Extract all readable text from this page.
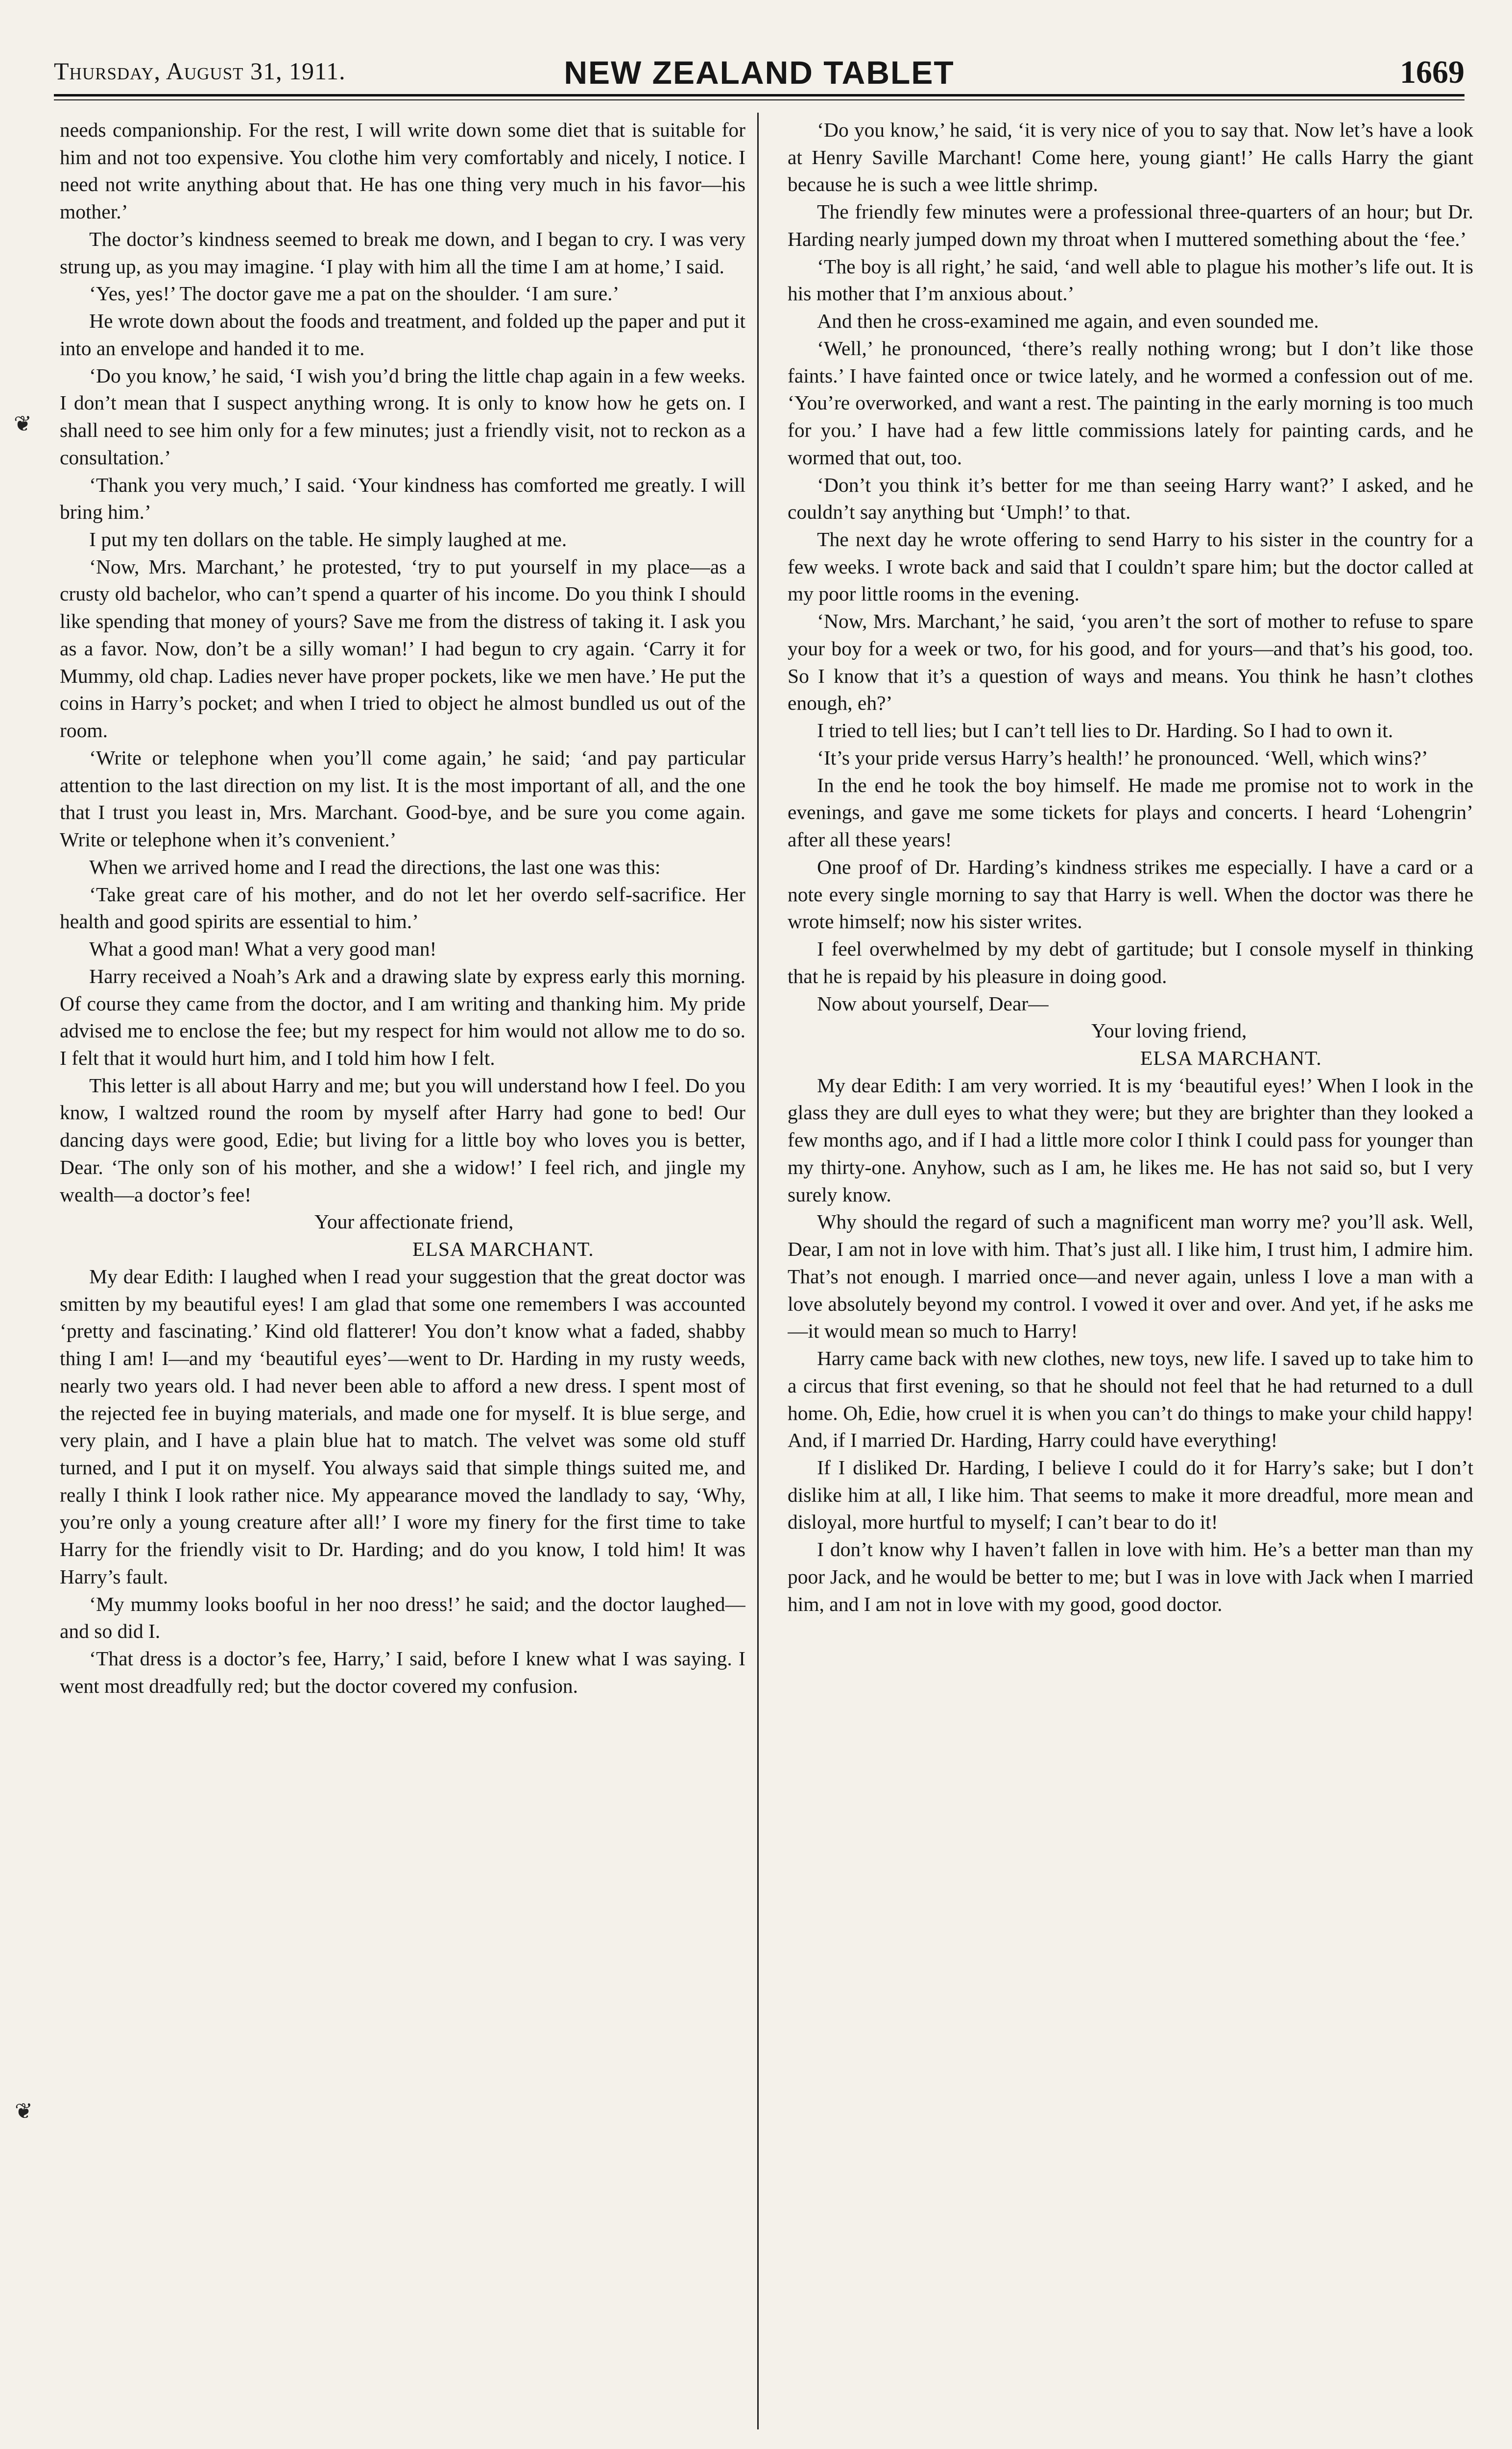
Thursday, August 31, 1911.	NEW ZEALAND TABLET	1669
❦
❦

needs companionship. For the rest, I will write down some diet that is suitable for him and not too expensive. You clothe him very comfortably and nicely, I notice. I need not write anything about that. He has one thing very much in his favor—his mother.’

The doctor’s kindness seemed to break me down, and I began to cry. I was very strung up, as you may imagine. ‘I play with him all the time I am at home,’ I said.

‘Yes, yes!’ The doctor gave me a pat on the shoulder. ‘I am sure.’

He wrote down about the foods and treatment, and folded up the paper and put it into an envelope and handed it to me.

‘Do you know,’ he said, ‘I wish you’d bring the little chap again in a few weeks. I don’t mean that I suspect anything wrong. It is only to know how he gets on. I shall need to see him only for a few minutes; just a friendly visit, not to reckon as a consultation.’

‘Thank you very much,’ I said. ‘Your kindness has comforted me greatly. I will bring him.’

I put my ten dollars on the table. He simply laughed at me.

‘Now, Mrs. Marchant,’ he protested, ‘try to put yourself in my place—as a crusty old bachelor, who can’t spend a quarter of his income. Do you think I should like spending that money of yours? Save me from the distress of taking it. I ask you as a favor. Now, don’t be a silly woman!’ I had begun to cry again. ‘Carry it for Mummy, old chap. Ladies never have proper pockets, like we men have.’ He put the coins in Harry’s pocket; and when I tried to object he almost bundled us out of the room.

‘Write or telephone when you’ll come again,’ he said; ‘and pay particular attention to the last direction on my list. It is the most important of all, and the one that I trust you least in, Mrs. Marchant. Good-bye, and be sure you come again. Write or telephone when it’s convenient.’

When we arrived home and I read the directions, the last one was this:

‘Take great care of his mother, and do not let her overdo self-sacrifice. Her health and good spirits are essential to him.’

What a good man! What a very good man!

Harry received a Noah’s Ark and a drawing slate by express early this morning. Of course they came from the doctor, and I am writing and thanking him. My pride advised me to enclose the fee; but my respect for him would not allow me to do so. I felt that it would hurt him, and I told him how I felt.

This letter is all about Harry and me; but you will understand how I feel. Do you know, I waltzed round the room by myself after Harry had gone to bed! Our dancing days were good, Edie; but living for a little boy who loves you is better, Dear. ‘The only son of his mother, and she a widow!’ I feel rich, and jingle my wealth—a doctor’s fee!

Your affectionate friend,

ELSA MARCHANT.

My dear Edith: I laughed when I read your suggestion that the great doctor was smitten by my beautiful eyes! I am glad that some one remembers I was accounted ‘pretty and fascinating.’ Kind old flatterer! You don’t know what a faded, shabby thing I am! I—and my ‘beautiful eyes’—went to Dr. Harding in my rusty weeds, nearly two years old. I had never been able to afford a new dress. I spent most of the rejected fee in buying materials, and made one for myself. It is blue serge, and very plain, and I have a plain blue hat to match. The velvet was some old stuff turned, and I put it on myself. You always said that simple things suited me, and really I think I look rather nice. My appearance moved the landlady to say, ‘Why, you’re only a young creature after all!’ I wore my finery for the first time to take Harry for the friendly visit to Dr. Harding; and do you know, I told him! It was Harry’s fault.

‘My mummy looks booful in her noo dress!’ he said; and the doctor laughed—and so did I.

‘That dress is a doctor’s fee, Harry,’ I said, before I knew what I was saying. I went most dreadfully red; but the doctor covered my confusion.

‘Do you know,’ he said, ‘it is very nice of you to say that. Now let’s have a look at Henry Saville Marchant! Come here, young giant!’ He calls Harry the giant because he is such a wee little shrimp.

The friendly few minutes were a professional three-quarters of an hour; but Dr. Harding nearly jumped down my throat when I muttered something about the ‘fee.’

‘The boy is all right,’ he said, ‘and well able to plague his mother’s life out. It is his mother that I’m anxious about.’

And then he cross-examined me again, and even sounded me.

‘Well,’ he pronounced, ‘there’s really nothing wrong; but I don’t like those faints.’ I have fainted once or twice lately, and he wormed a confession out of me. ‘You’re overworked, and want a rest. The painting in the early morning is too much for you.’ I have had a few little commissions lately for painting cards, and he wormed that out, too.

‘Don’t you think it’s better for me than seeing Harry want?’ I asked, and he couldn’t say anything but ‘Umph!’ to that.

The next day he wrote offering to send Harry to his sister in the country for a few weeks. I wrote back and said that I couldn’t spare him; but the doctor called at my poor little rooms in the evening.

‘Now, Mrs. Marchant,’ he said, ‘you aren’t the sort of mother to refuse to spare your boy for a week or two, for his good, and for yours—and that’s his good, too. So I know that it’s a question of ways and means. You think he hasn’t clothes enough, eh?’

I tried to tell lies; but I can’t tell lies to Dr. Harding. So I had to own it.

‘It’s your pride versus Harry’s health!’ he pronounced. ‘Well, which wins?’

In the end he took the boy himself. He made me promise not to work in the evenings, and gave me some tickets for plays and concerts. I heard ‘Lohengrin’ after all these years!

One proof of Dr. Harding’s kindness strikes me especially. I have a card or a note every single morning to say that Harry is well. When the doctor was there he wrote himself; now his sister writes.

I feel overwhelmed by my debt of gartitude; but I console myself in thinking that he is repaid by his pleasure in doing good.

Now about yourself, Dear—

Your loving friend,

ELSA MARCHANT.

My dear Edith: I am very worried. It is my ‘beautiful eyes!’ When I look in the glass they are dull eyes to what they were; but they are brighter than they looked a few months ago, and if I had a little more color I think I could pass for younger than my thirty-one. Anyhow, such as I am, he likes me. He has not said so, but I very surely know.

Why should the regard of such a magnificent man worry me? you’ll ask. Well, Dear, I am not in love with him. That’s just all. I like him, I trust him, I admire him. That’s not enough. I married once—and never again, unless I love a man with a love absolutely beyond my control. I vowed it over and over. And yet, if he asks me—it would mean so much to Harry!

Harry came back with new clothes, new toys, new life. I saved up to take him to a circus that first evening, so that he should not feel that he had returned to a dull home. Oh, Edie, how cruel it is when you can’t do things to make your child happy! And, if I married Dr. Harding, Harry could have everything!

If I disliked Dr. Harding, I believe I could do it for Harry’s sake; but I don’t dislike him at all, I like him. That seems to make it more dreadful, more mean and disloyal, more hurtful to myself; I can’t bear to do it!

I don’t know why I haven’t fallen in love with him. He’s a better man than my poor Jack, and he would be better to me; but I was in love with Jack when I married him, and I am not in love with my good, good doctor.
